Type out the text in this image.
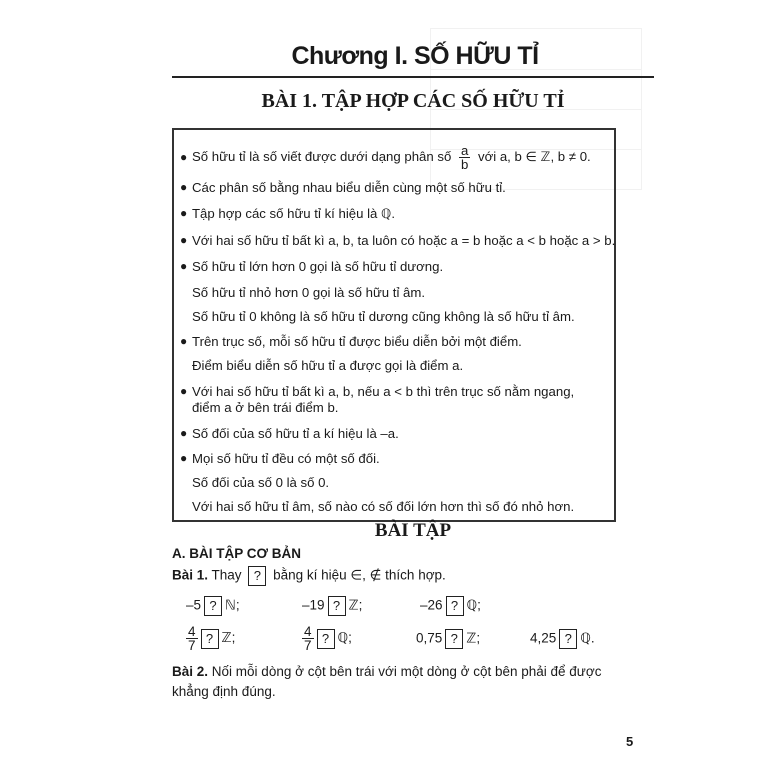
Chương I. SỐ HỮU TỈ
BÀI 1. TẬP HỢP CÁC SỐ HỮU TỈ
● Số hữu tỉ là số viết được dưới dạng phân số $\frac{a}{b}$ với a, b ∈ ℤ, b ≠ 0.
● Các phân số bằng nhau biểu diễn cùng một số hữu tỉ.
● Tập hợp các số hữu tỉ kí hiệu là ℚ.
● Với hai số hữu tỉ bất kì a, b, ta luôn có hoặc a = b hoặc a < b hoặc a > b.
● Số hữu tỉ lớn hơn 0 gọi là số hữu tỉ dương.
Số hữu tỉ nhỏ hơn 0 gọi là số hữu tỉ âm.
Số hữu tỉ 0 không là số hữu tỉ dương cũng không là số hữu tỉ âm.
● Trên trục số, mỗi số hữu tỉ được biểu diễn bởi một điểm.
Điểm biểu diễn số hữu tỉ a được gọi là điểm a.
● Với hai số hữu tỉ bất kì a, b, nếu a < b thì trên trục số nằm ngang,
điểm a ở bên trái điểm b.
● Số đối của số hữu tỉ a kí hiệu là –a.
● Mọi số hữu tỉ đều có một số đối.
Số đối của số 0 là số 0.
Với hai số hữu tỉ âm, số nào có số đối lớn hơn thì số đó nhỏ hơn.
BÀI TẬP
A. BÀI TẬP CƠ BẢN
Bài 1. Thay ? bằng kí hiệu ∈, ∉ thích hợp.
–5 ? ℕ;	–19 ? ℤ;	–26 ? ℚ;
$\frac{4}{7}$ ? ℤ;	$\frac{4}{7}$ ? ℚ;	0,75 ? ℤ;	4,25 ? ℚ.
Bài 2. Nối mỗi dòng ở cột bên trái với một dòng ở cột bên phải để được
khẳng định đúng.
5
